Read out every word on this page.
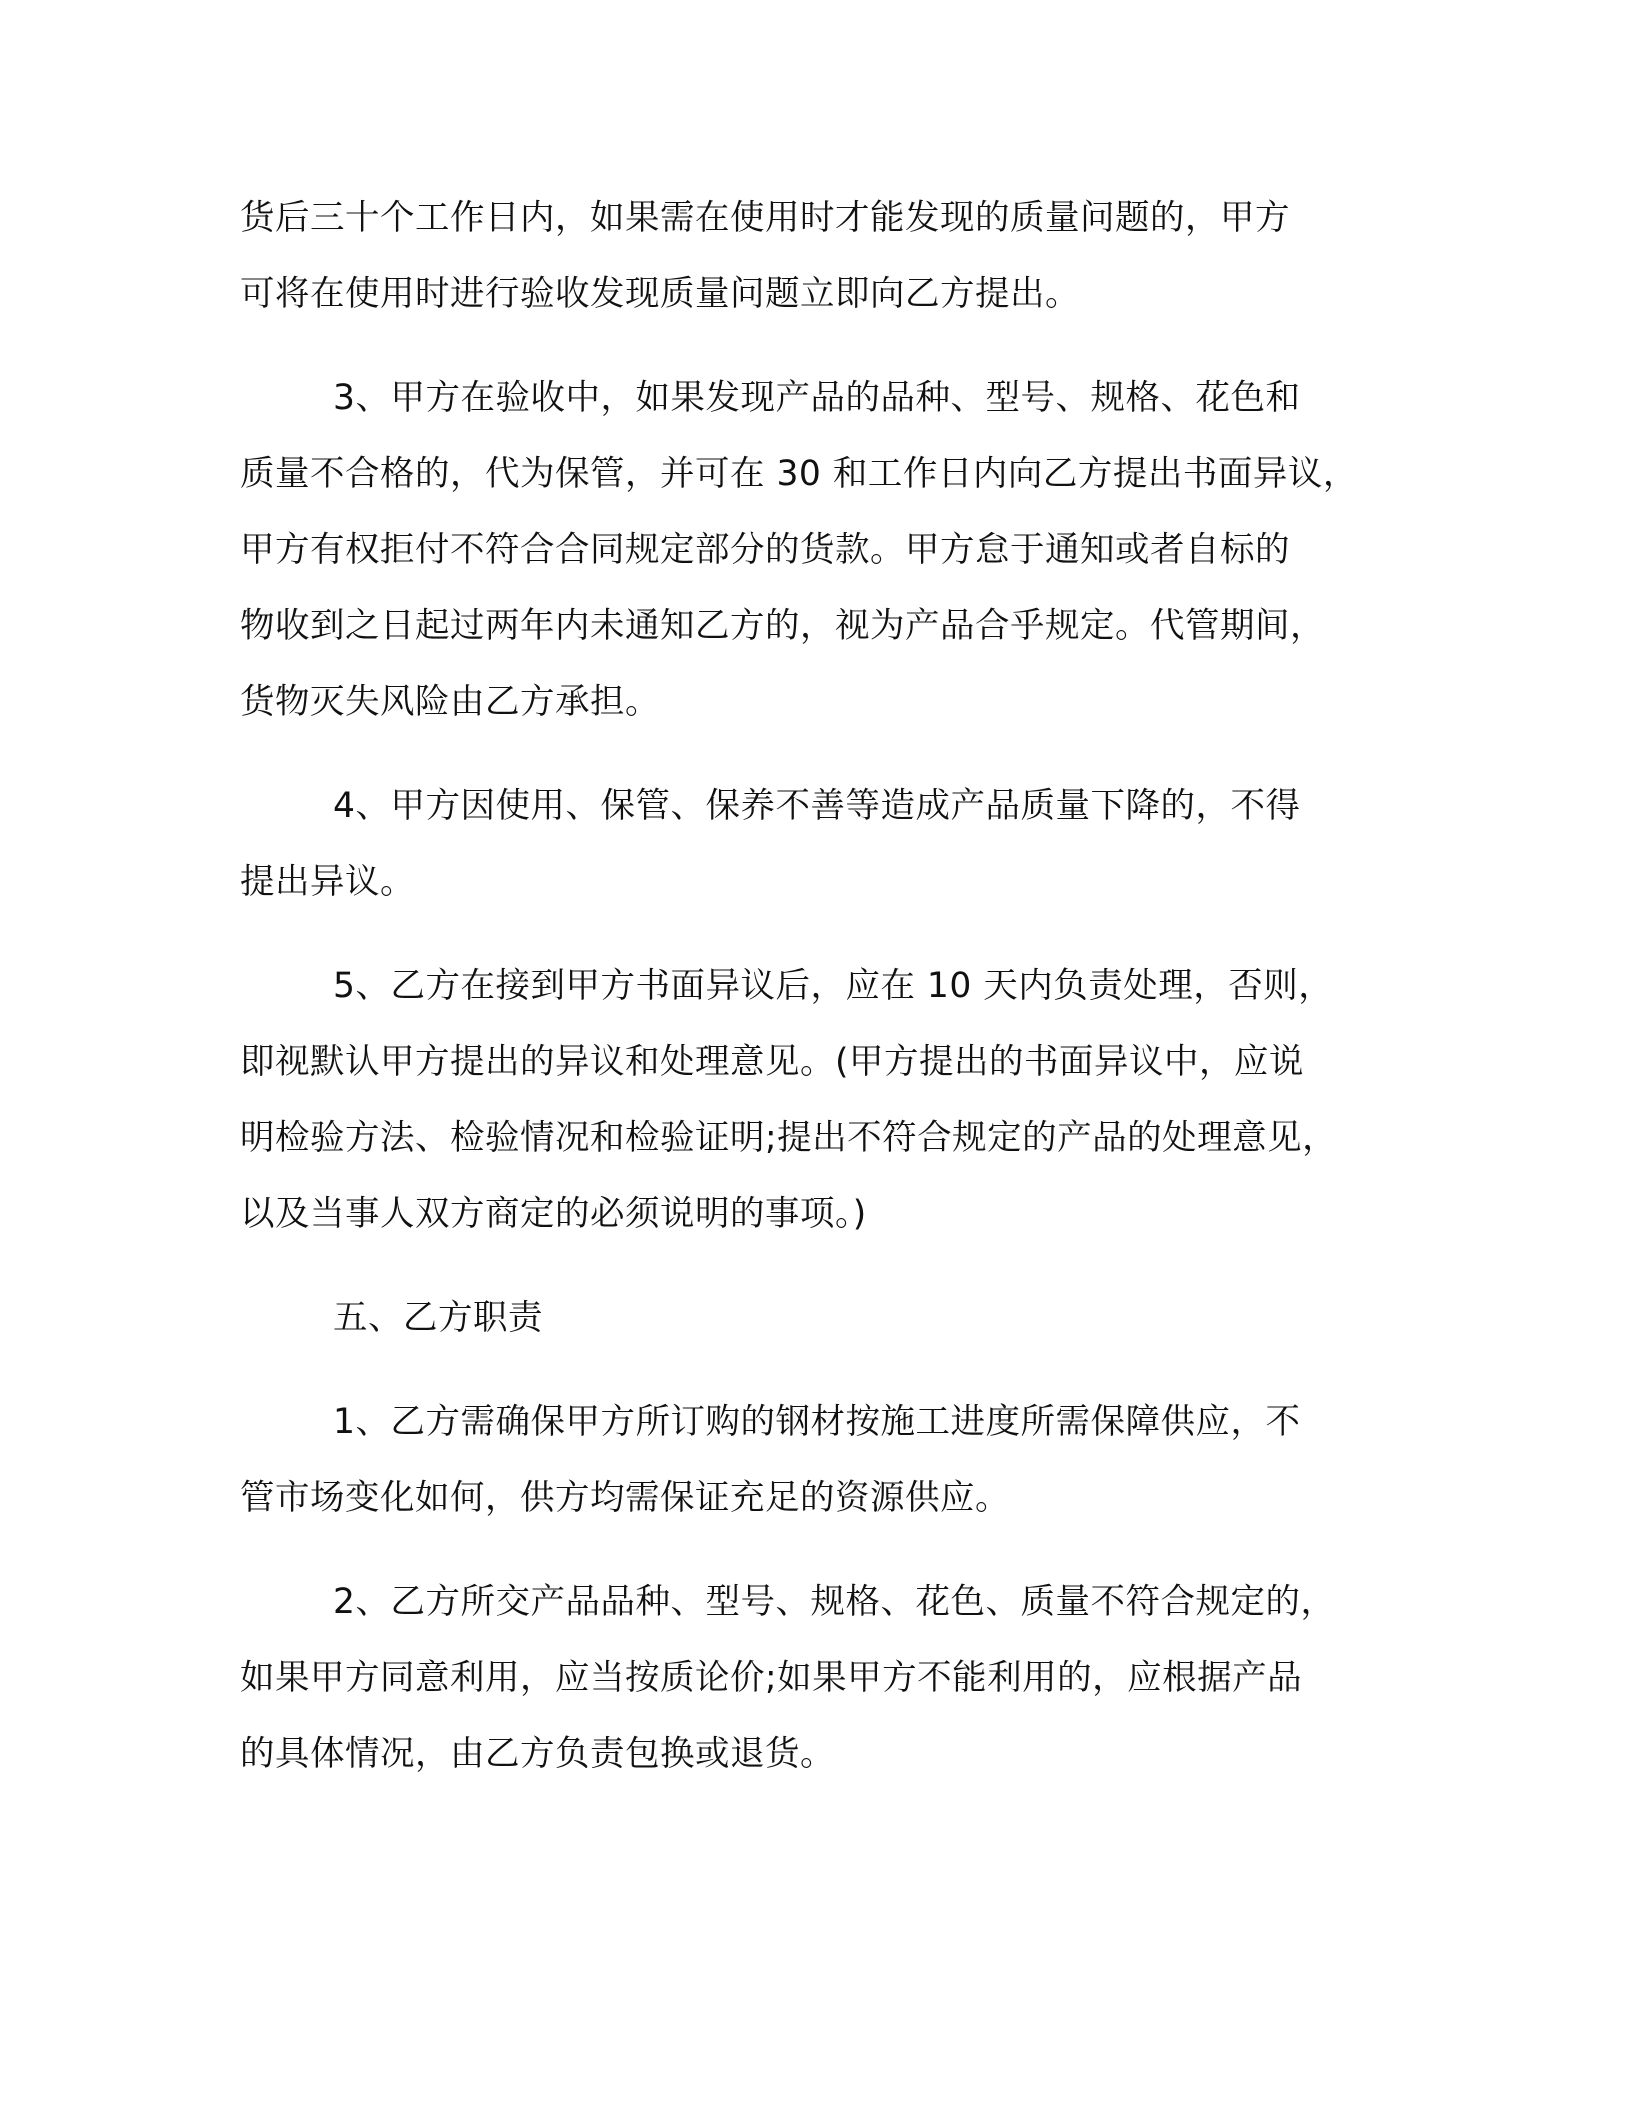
货后三十个工作日内，如果需在使用时才能发现的质量问题的，甲方
可将在使用时进行验收发现质量问题立即向乙方提出。
3、甲方在验收中，如果发现产品的品种、型号、规格、花色和
质量不合格的，代为保管，并可在 30 和工作日内向乙方提出书面异议，
甲方有权拒付不符合合同规定部分的货款。甲方怠于通知或者自标的
物收到之日起过两年内未通知乙方的，视为产品合乎规定。代管期间，
货物灭失风险由乙方承担。
4、甲方因使用、保管、保养不善等造成产品质量下降的，不得
提出异议。
5、乙方在接到甲方书面异议后，应在 10 天内负责处理，否则，
即视默认甲方提出的异议和处理意见。(甲方提出的书面异议中，应说
明检验方法、检验情况和检验证明;提出不符合规定的产品的处理意见，
以及当事人双方商定的必须说明的事项。)
五、乙方职责
1、乙方需确保甲方所订购的钢材按施工进度所需保障供应，不
管市场变化如何，供方均需保证充足的资源供应。
2、乙方所交产品品种、型号、规格、花色、质量不符合规定的，
如果甲方同意利用，应当按质论价;如果甲方不能利用的，应根据产品
的具体情况，由乙方负责包换或退货。
